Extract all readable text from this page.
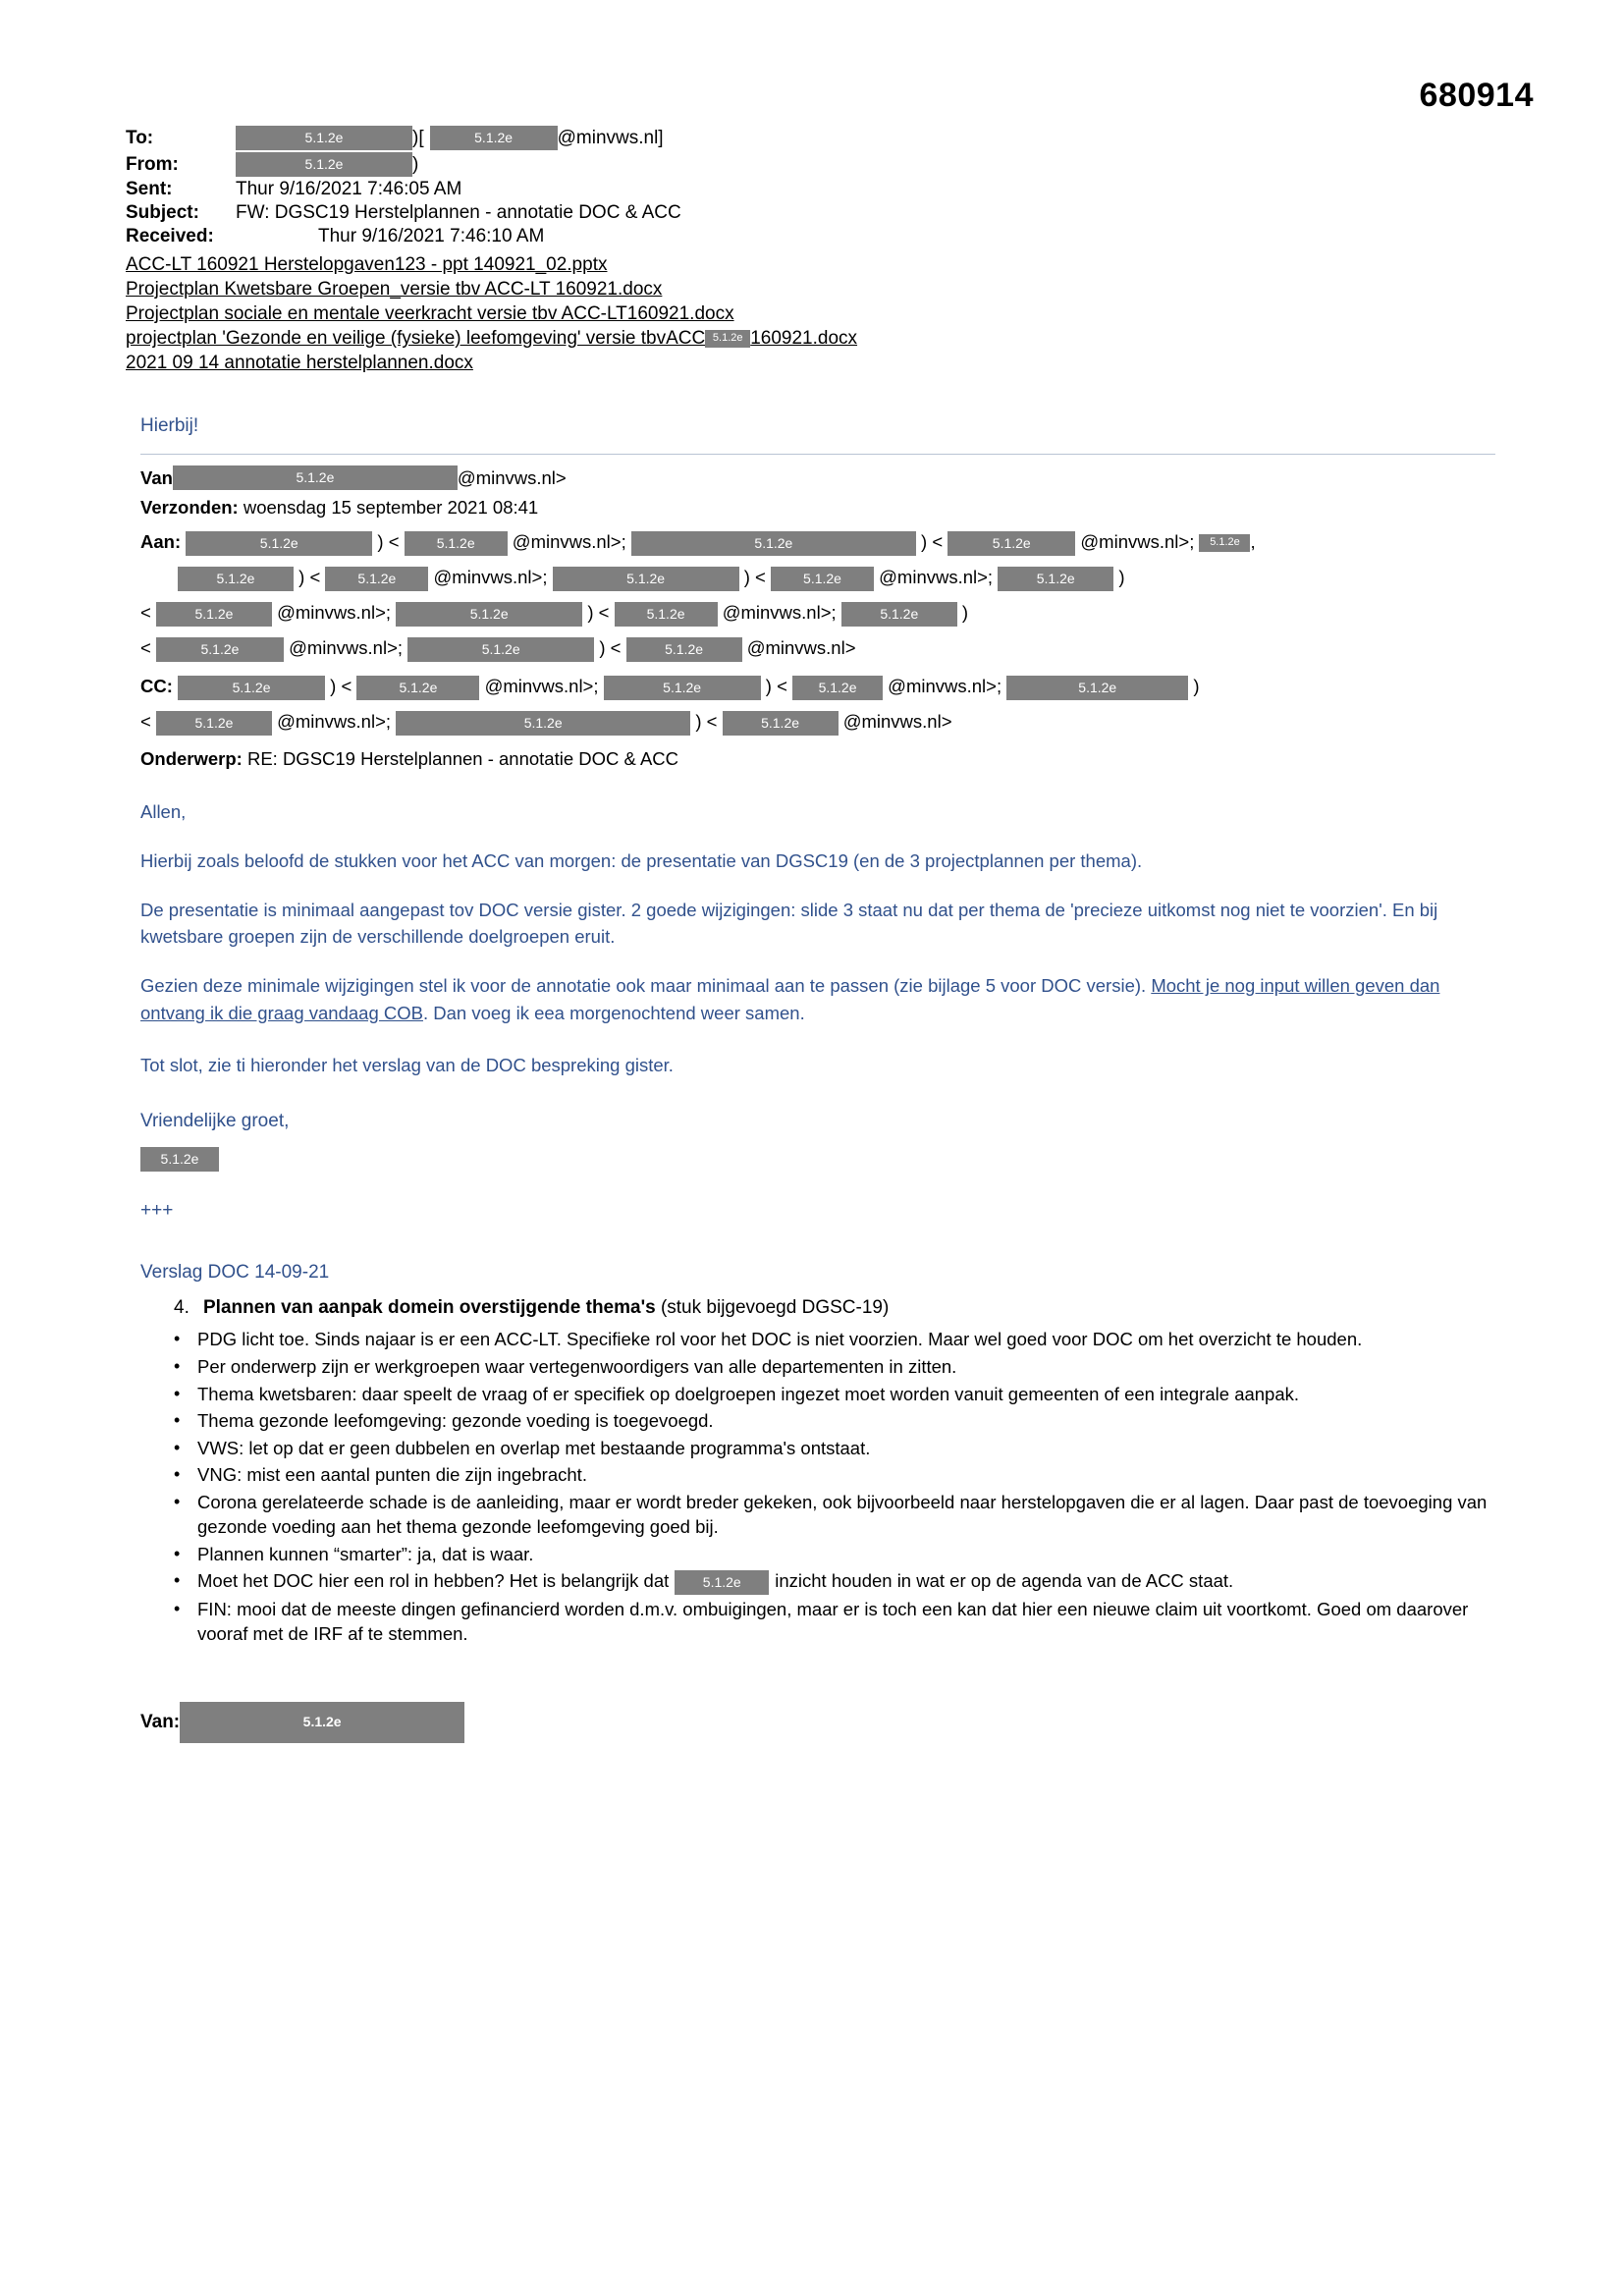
680914
To:	5.1.2e	)[	5.1.2e	@minvws.nl]
From:	5.1.2e	)
Sent:	Thur 9/16/2021 7:46:05 AM
Subject:	FW: DGSC19 Herstelplannen - annotatie DOC & ACC
Received:	Thur 9/16/2021 7:46:10 AM
ACC-LT 160921 Herstelopgaven123 - ppt 140921_02.pptx
Projectplan Kwetsbare Groepen_versie tbv ACC-LT 160921.docx
Projectplan sociale en mentale veerkracht versie tbv ACC-LT160921.docx
projectplan 'Gezonde en veilige (fysieke) leefomgeving' versie tbvACC 5.1.2e 160921.docx
2021 09 14 annotatie herstelplannen.docx
Hierbij!
Van	5.1.2e	@minvws.nl>
Verzonden: woensdag 15 september 2021 08:41
Aan:	5.1.2e	) <	5.1.2e @minvws.nl>;	5.1.2e	) <	5.1.2e	@minvws.nl>; 5.1.2e ,
5.1.2e ) <	5.1.2e @minvws.nl>;	5.1.2e	) <	5.1.2e @minvws.nl>;	5.1.2e )
<	5.1.2e @minvws.nl>;	5.1.2e	) <	5.1.2e @minvws.nl>;	5.1.2e )
<	5.1.2e	@minvws.nl>;	5.1.2e	) <	5.1.2e @minvws.nl>
CC:	5.1.2e	) <	5.1.2e	@minvws.nl>;	5.1.2e	) < 5.1.2e @minvws.nl>;	5.1.2e	)
<	5.1.2e @minvws.nl>;	5.1.2e	) <	5.1.2e @minvws.nl>
Onderwerp: RE: DGSC19 Herstelplannen - annotatie DOC & ACC
Allen,
Hierbij zoals beloofd de stukken voor het ACC van morgen: de presentatie van DGSC19 (en de 3 projectplannen per thema).
De presentatie is minimaal aangepast tov DOC versie gister. 2 goede wijzigingen: slide 3 staat nu dat per thema de 'precieze uitkomst nog niet te voorzien'. En bij kwetsbare groepen zijn de verschillende doelgroepen eruit.
Gezien deze minimale wijzigingen stel ik voor de annotatie ook maar minimaal aan te passen (zie bijlage 5 voor DOC versie). Mocht je nog input willen geven dan ontvang ik die graag vandaag COB. Dan voeg ik eea morgenochtend weer samen.
Tot slot, zie ti hieronder het verslag van de DOC bespreking gister.
Vriendelijke groet,
5.1.2e
+++
Verslag DOC 14-09-21
4. Plannen van aanpak domein overstijgende thema's (stuk bijgevoegd DGSC-19)
• PDG licht toe. Sinds najaar is er een ACC-LT. Specifieke rol voor het DOC is niet voorzien. Maar wel goed voor DOC om het overzicht te houden.
• Per onderwerp zijn er werkgroepen waar vertegenwoordigers van alle departementen in zitten.
• Thema kwetsbaren: daar speelt de vraag of er specifiek op doelgroepen ingezet moet worden vanuit gemeenten of een integrale aanpak.
• Thema gezonde leefomgeving: gezonde voeding is toegevoegd.
• VWS: let op dat er geen dubbelen en overlap met bestaande programma's ontstaat.
• VNG: mist een aantal punten die zijn ingebracht.
• Corona gerelateerde schade is de aanleiding, maar er wordt breder gekeken, ook bijvoorbeeld naar herstelopgaven die er al lagen. Daar past de toevoeging van gezonde voeding aan het thema gezonde leefomgeving goed bij.
• Plannen kunnen “smarter”: ja, dat is waar.
• Moet het DOC hier een rol in hebben? Het is belangrijk dat 5.1.2e inzicht houden in wat er op de agenda van de ACC staat.
• FIN: mooi dat de meeste dingen gefinancierd worden d.m.v. ombuigingen, maar er is toch een kan dat hier een nieuwe claim uit voortkomt. Goed om daarover vooraf met de IRF af te stemmen.
Van:	5.1.2e
